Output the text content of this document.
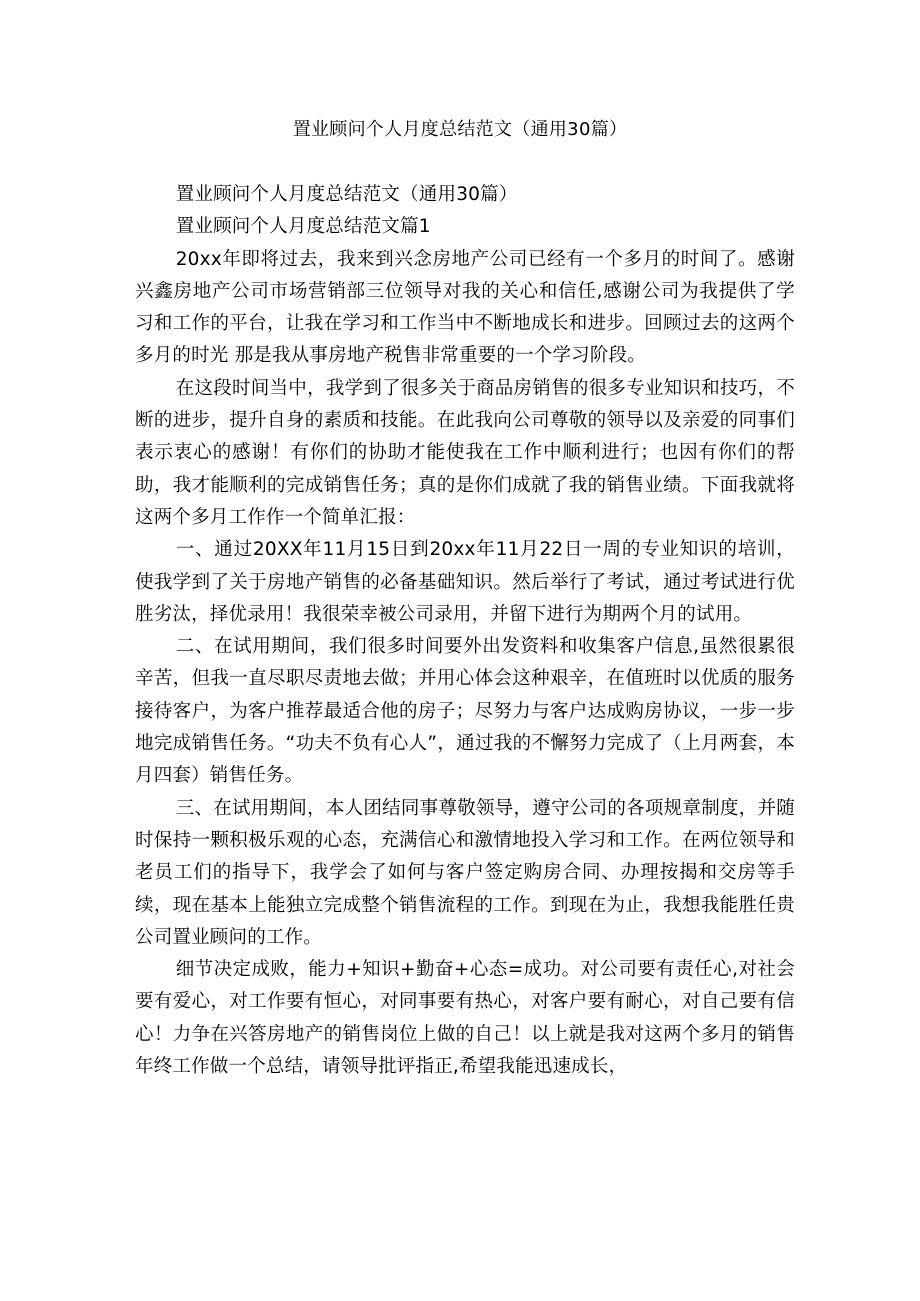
置业顾问个人月度总结范文（通用30篇）

置业顾问个人月度总结范文（通用30篇）

置业顾问个人月度总结范文篇1

20xx年即将过去，我来到兴念房地产公司已经有一个多月的时间了。感谢兴鑫房地产公司市场营销部三位领导对我的关心和信任,感谢公司为我提供了学习和工作的平台，让我在学习和工作当中不断地成长和进步。回顾过去的这两个多月的时光 那是我从事房地产税售非常重要的一个学习阶段。

在这段时间当中，我学到了很多关于商品房销售的很多专业知识和技巧，不断的进步，提升自身的素质和技能。在此我向公司尊敬的领导以及亲爱的同事们表示衷心的感谢！有你们的协助才能使我在工作中顺利进行；也因有你们的帮助，我才能顺利的完成销售任务；真的是你们成就了我的销售业绩。下面我就将这两个多月工作作一个简单汇报：

一、通过20XX年11月15日到20xx年11月22日一周的专业知识的培训，使我学到了关于房地产销售的必备基础知识。然后举行了考试，通过考试进行优胜劣汰，择优录用！我很荣幸被公司录用，并留下进行为期两个月的试用。

二、在试用期间，我们很多时间要外出发资料和收集客户信息,虽然很累很辛苦，但我一直尽职尽责地去做；并用心体会这种艰辛，在值班时以优质的服务接待客户，为客户推荐最适合他的房子；尽努力与客户达成购房协议，一步一步地完成销售任务。“功夫不负有心人”，通过我的不懈努力完成了（上月两套，本月四套）销售任务。

三、在试用期间，本人团结同事尊敬领导，遵守公司的各项规章制度，并随时保持一颗积极乐观的心态，充满信心和激情地投入学习和工作。在两位领导和老员工们的指导下，我学会了如何与客户签定购房合同、办理按揭和交房等手续，现在基本上能独立完成整个销售流程的工作。到现在为止，我想我能胜任贵公司置业顾问的工作。

细节决定成败，能力+知识+勤奋+心态=成功。对公司要有责任心,对社会要有爱心，对工作要有恒心，对同事要有热心，对客户要有耐心，对自己要有信心！力争在兴答房地产的销售岗位上做的自己！以上就是我对这两个多月的销售年终工作做一个总结，请领导批评指正,希望我能迅速成长，
